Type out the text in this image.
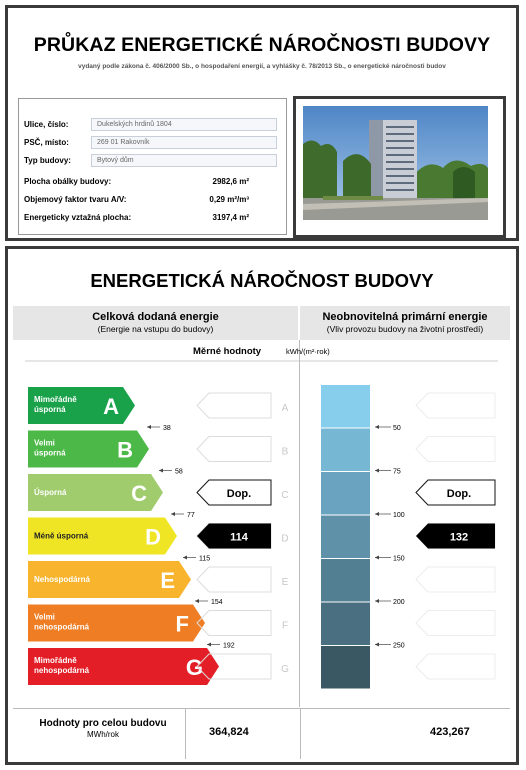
PRŮKAZ ENERGETICKÉ NÁROČNOSTI BUDOVY
vydaný podle zákona č. 406/2000 Sb., o hospodaření energií, a vyhlášky č. 78/2013 Sb., o energetické náročnosti budov
Ulice, číslo:	Dukelských hrdinů 1804
PSČ, místo:	269 01 Rakovník
Typ budovy:	Bytový dům
Plocha obálky budovy:	2982,6 m²
Objemový faktor tvaru A/V:	0,29 m²/m³
Energeticky vztažná plocha:	3197,4 m²
ENERGETICKÁ NÁROČNOST BUDOVY
Celková dodaná energie
(Energie na vstupu do budovy)
Neobnovitelná primární energie
(Vliv provozu budovy na životní prostředí)
Měrné hodnoty	kWh/(m²·rok)
Mimořádně
úsporná A	A
Velmi
úsporná B	B
Úsporná	C	C
Méně úsporná	D	D
Nehospodárná	E	E
Velmi
nehospodárná	F	F
Mimořádně
nehospodárná	G	G
38
58
77
115
154
192
50
75
100
150
200
250
Dop.	Dop.
114	132
Hodnoty pro celou budovu
MWh/rok	364,824	423,267
